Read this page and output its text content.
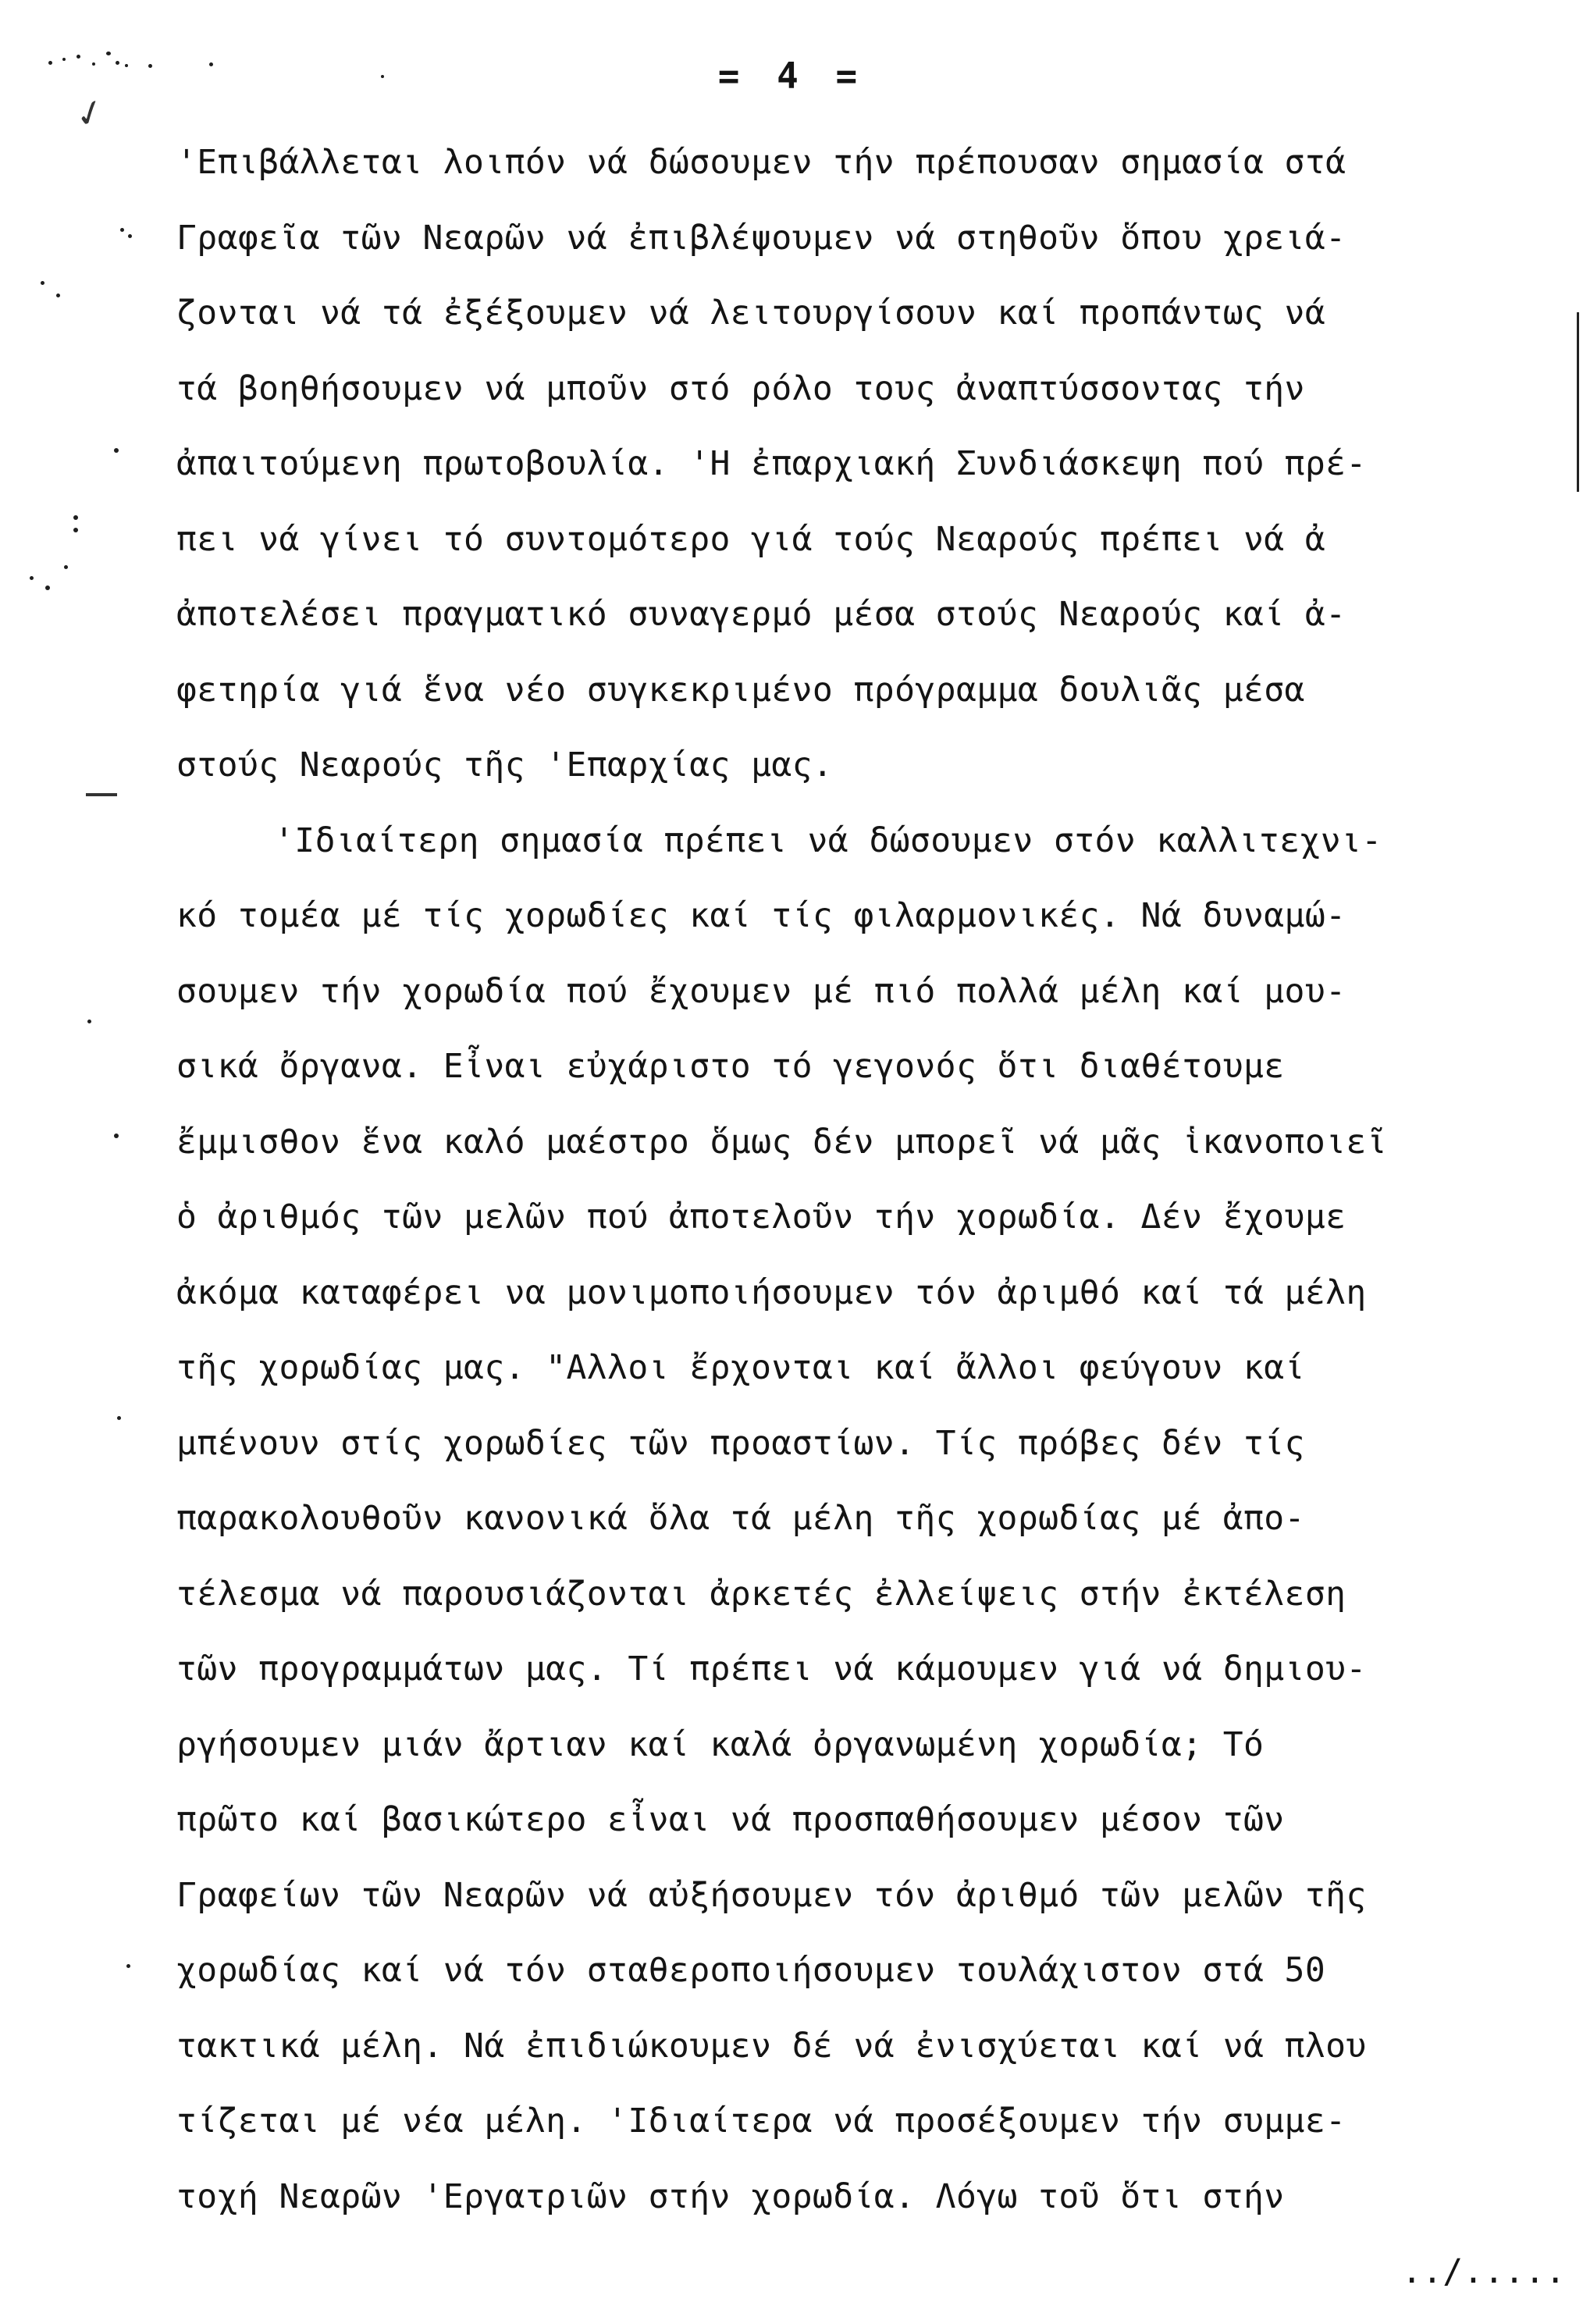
✓
= 4 =
'Επιβάλλεται λοιπόν νά δώσουμεν τήν πρέπουσαν σημασία στά
Γραφεῖα τῶν Νεαρῶν νά ἐπιβλέψουμεν νά στηθοῦν ὅπου χρειά-
ζονται νά τά ἐξέξουμεν νά λειτουργίσουν καί προπάντως νά
τά βοηθήσουμεν νά μποῦν στό ρόλο τους ἀναπτύσσοντας τήν
ἀπαιτούμενη πρωτοβουλία. 'Η ἐπαρχιακή Συνδιάσκεψη πού πρέ-
πει νά γίνει τό συντομότερο γιά τούς Νεαρούς πρέπει νά ἀ
ἀποτελέσει πραγματικό συναγερμό μέσα στούς Νεαρούς καί ἀ-
φετηρία γιά ἕνα νέο συγκεκριμένο πρόγραμμα δουλιᾶς μέσα
στούς Νεαρούς τῆς 'Επαρχίας μας.
'Ιδιαίτερη σημασία πρέπει νά δώσουμεν στόν καλλιτεχνι-
κό τομέα μέ τίς χορωδίες καί τίς φιλαρμονικές. Νά δυναμώ-
σουμεν τήν χορωδία πού ἔχουμεν μέ πιό πολλά μέλη καί μου-
σικά ὄργανα. Εἶναι εὐχάριστο τό γεγονός ὅτι διαθέτουμε
ἔμμισθον ἕνα καλό μαέστρο ὅμως δέν μπορεῖ νά μᾶς ἱκανοποιεῖ
ὁ ἀριθμός τῶν μελῶν πού ἀποτελοῦν τήν χορωδία. Δέν ἔχουμε
ἀκόμα καταφέρει να μονιμοποιήσουμεν τόν ἀριμθό καί τά μέλη
τῆς χορωδίας μας. "Αλλοι ἔρχονται καί ἄλλοι φεύγουν καί
μπένουν στίς χορωδίες τῶν προαστίων. Τίς πρόβες δέν τίς
παρακολουθοῦν κανονικά ὅλα τά μέλη τῆς χορωδίας μέ ἀπο-
τέλεσμα νά παρουσιάζονται ἀρκετές ἐλλείψεις στήν ἐκτέλεση
τῶν προγραμμάτων μας. Τί πρέπει νά κάμουμεν γιά νά δημιου-
ργήσουμεν μιάν ἄρτιαν καί καλά ὀργανωμένη χορωδία; Τό
πρῶτο καί βασικώτερο εἶναι νά προσπαθήσουμεν μέσον τῶν
Γραφείων τῶν Νεαρῶν νά αὐξήσουμεν τόν ἀριθμό τῶν μελῶν τῆς
χορωδίας καί νά τόν σταθεροποιήσουμεν τουλάχιστον στά 50
τακτικά μέλη. Νά ἐπιδιώκουμεν δέ νά ἐνισχύεται καί νά πλου
τίζεται μέ νέα μέλη. 'Ιδιαίτερα νά προσέξουμεν τήν συμμε-
τοχή Νεαρῶν 'Εργατριῶν στήν χορωδία. Λόγω τοῦ ὅτι στήν
../.....
